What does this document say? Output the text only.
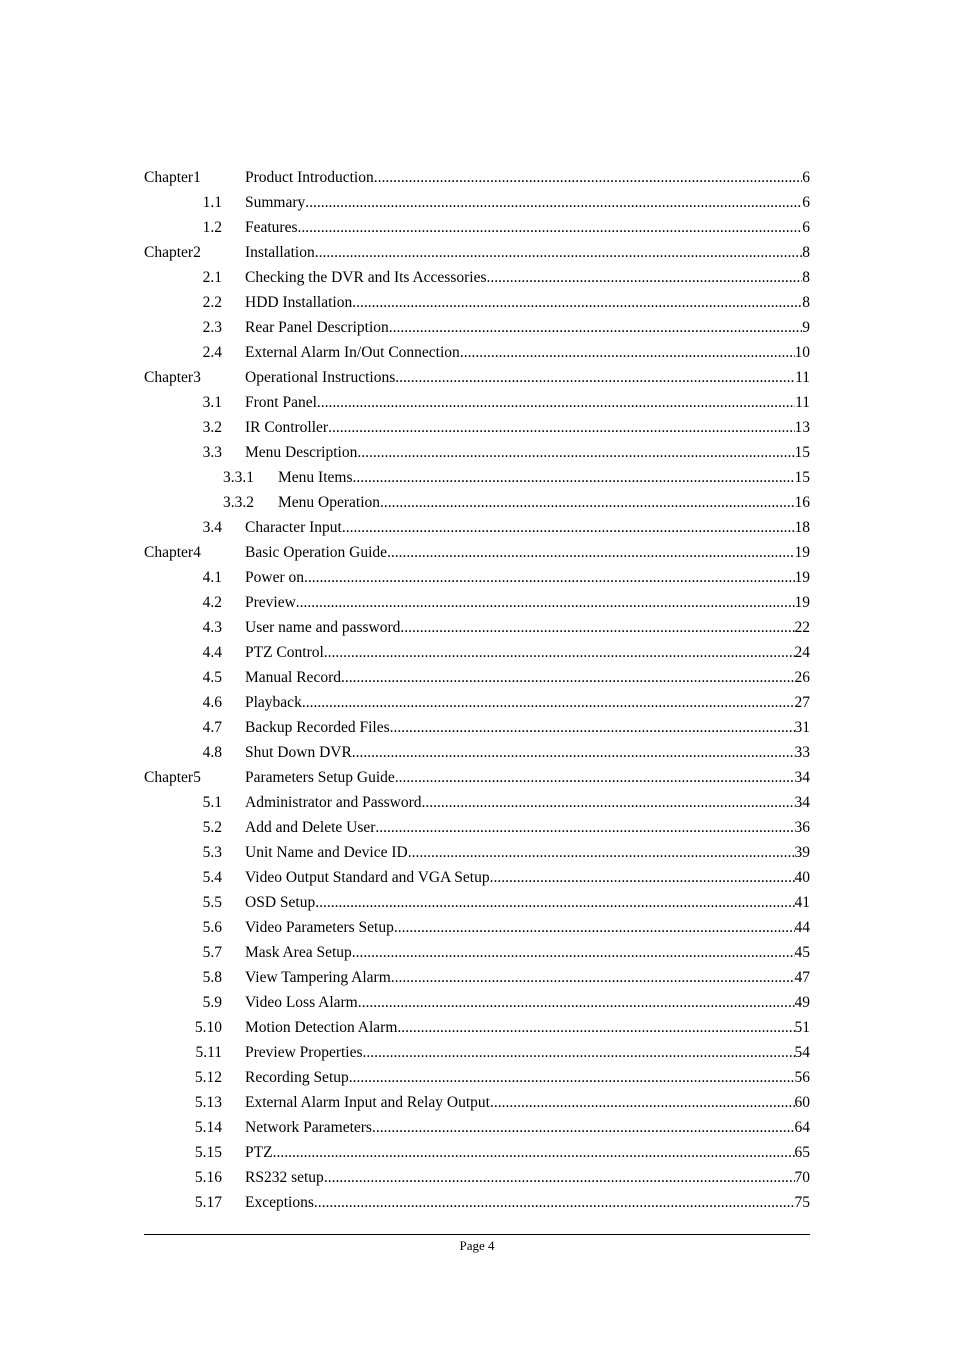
Chapter1	Product Introduction .....	6
1.1 Summary .....	6
1.2 Features .....	6
Chapter2	Installation .....	8
2.1 Checking the DVR and Its Accessories .....	8
2.2 HDD Installation .....	8
2.3 Rear Panel Description .....	9
2.4 External Alarm In/Out Connection .....	10
Chapter3	Operational Instructions .....	11
3.1 Front Panel .....	11
3.2 IR Controller .....	13
3.3 Menu Description .....	15
3.3.1 Menu Items .....	15
3.3.2 Menu Operation .....	16
3.4 Character Input .....	18
Chapter4	Basic Operation Guide .....	19
4.1 Power on .....	19
4.2 Preview .....	19
4.3 User name and password .....	22
4.4 PTZ Control .....	24
4.5 Manual Record .....	26
4.6 Playback .....	27
4.7 Backup Recorded Files .....	31
4.8 Shut Down DVR .....	33
Chapter5	Parameters Setup Guide .....	34
5.1 Administrator and Password .....	34
5.2 Add and Delete User .....	36
5.3 Unit Name and Device ID .....	39
5.4 Video Output Standard and VGA Setup .....	40
5.5 OSD Setup .....	41
5.6 Video Parameters Setup .....	44
5.7 Mask Area Setup .....	45
5.8 View Tampering Alarm .....	47
5.9 Video Loss Alarm .....	49
5.10 Motion Detection Alarm .....	51
5.11 Preview Properties .....	54
5.12 Recording Setup .....	56
5.13 External Alarm Input and Relay Output .....	60
5.14 Network Parameters .....	64
5.15 PTZ .....	65
5.16 RS232 setup .....	70
5.17 Exceptions .....	75
Page 4
